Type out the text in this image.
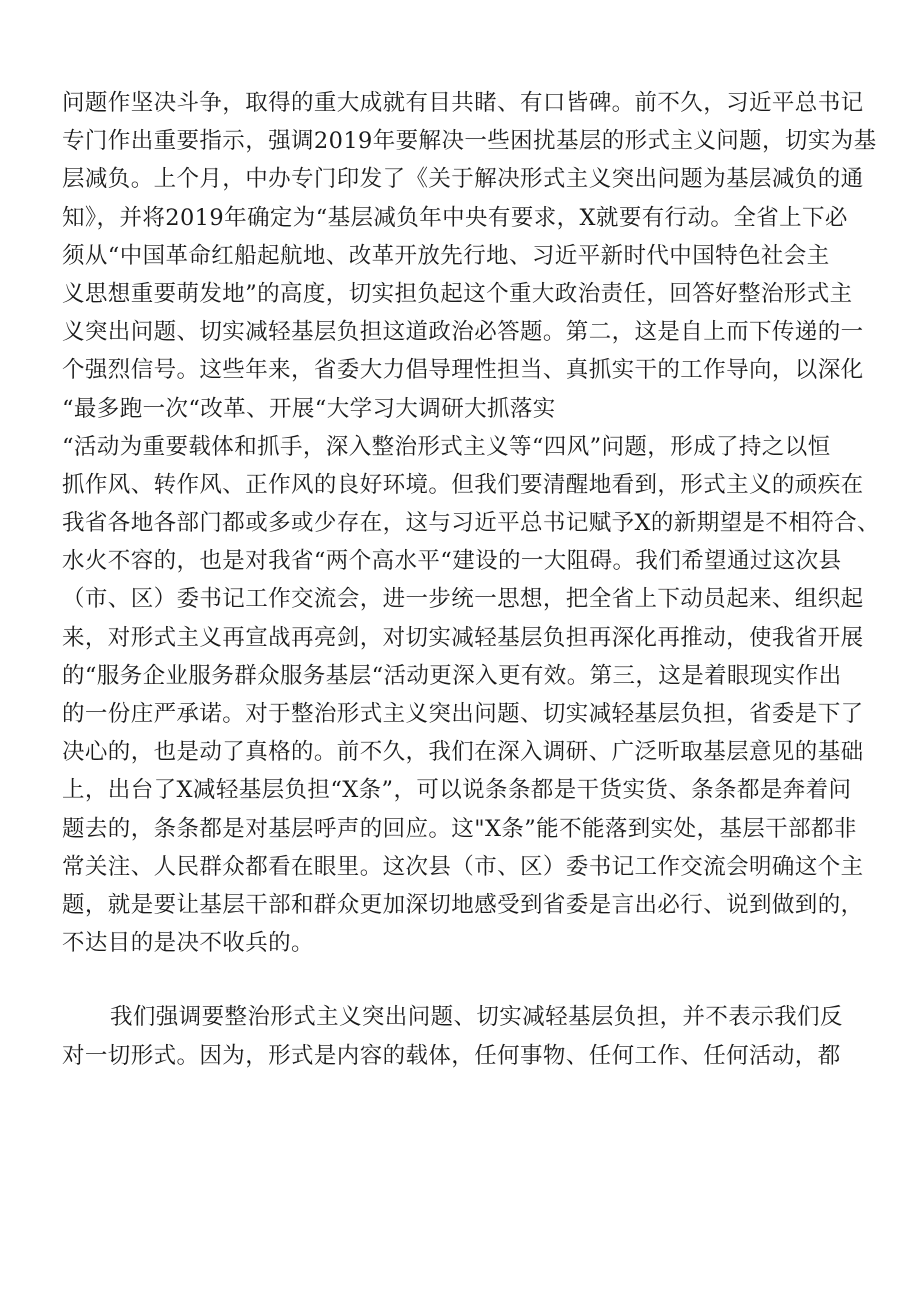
问题作坚决斗争，取得的重大成就有目共睹、有口皆碑。前不久，习近平总书记
专门作出重要指示，强调2019年要解决一些困扰基层的形式主义问题，切实为基
层减负。上个月，中办专门印发了《关于解决形式主义突出问题为基层减负的通
知》，并将2019年确定为“基层减负年中央有要求，X就要有行动。全省上下必
须从“中国革命红船起航地、改革开放先行地、习近平新时代中国特色社会主
义思想重要萌发地”的高度，切实担负起这个重大政治责任，回答好整治形式主
义突出问题、切实减轻基层负担这道政治必答题。第二，这是自上而下传递的一
个强烈信号。这些年来，省委大力倡导理性担当、真抓实干的工作导向，以深化
“最多跑一次“改革、开展“大学习大调研大抓落实
“活动为重要载体和抓手，深入整治形式主义等“四风”问题，形成了持之以恒
抓作风、转作风、正作风的良好环境。但我们要清醒地看到，形式主义的顽疾在
我省各地各部门都或多或少存在，这与习近平总书记赋予X的新期望是不相符合、
水火不容的，也是对我省“两个高水平“建设的一大阻碍。我们希望通过这次县
（市、区）委书记工作交流会，进一步统一思想，把全省上下动员起来、组织起
来，对形式主义再宣战再亮剑，对切实减轻基层负担再深化再推动，使我省开展
的“服务企业服务群众服务基层“活动更深入更有效。第三，这是着眼现实作出
的一份庄严承诺。对于整治形式主义突出问题、切实减轻基层负担，省委是下了
决心的，也是动了真格的。前不久，我们在深入调研、广泛听取基层意见的基础
上，出台了X减轻基层负担“X条”，可以说条条都是干货实货、条条都是奔着问
题去的，条条都是对基层呼声的回应。这"X条”能不能落到实处，基层干部都非
常关注、人民群众都看在眼里。这次县（市、区）委书记工作交流会明确这个主
题，就是要让基层干部和群众更加深切地感受到省委是言出必行、说到做到的，
不达目的是决不收兵的。
我们强调要整治形式主义突出问题、切实减轻基层负担，并不表示我们反
对一切形式。因为，形式是内容的载体，任何事物、任何工作、任何活动，都
